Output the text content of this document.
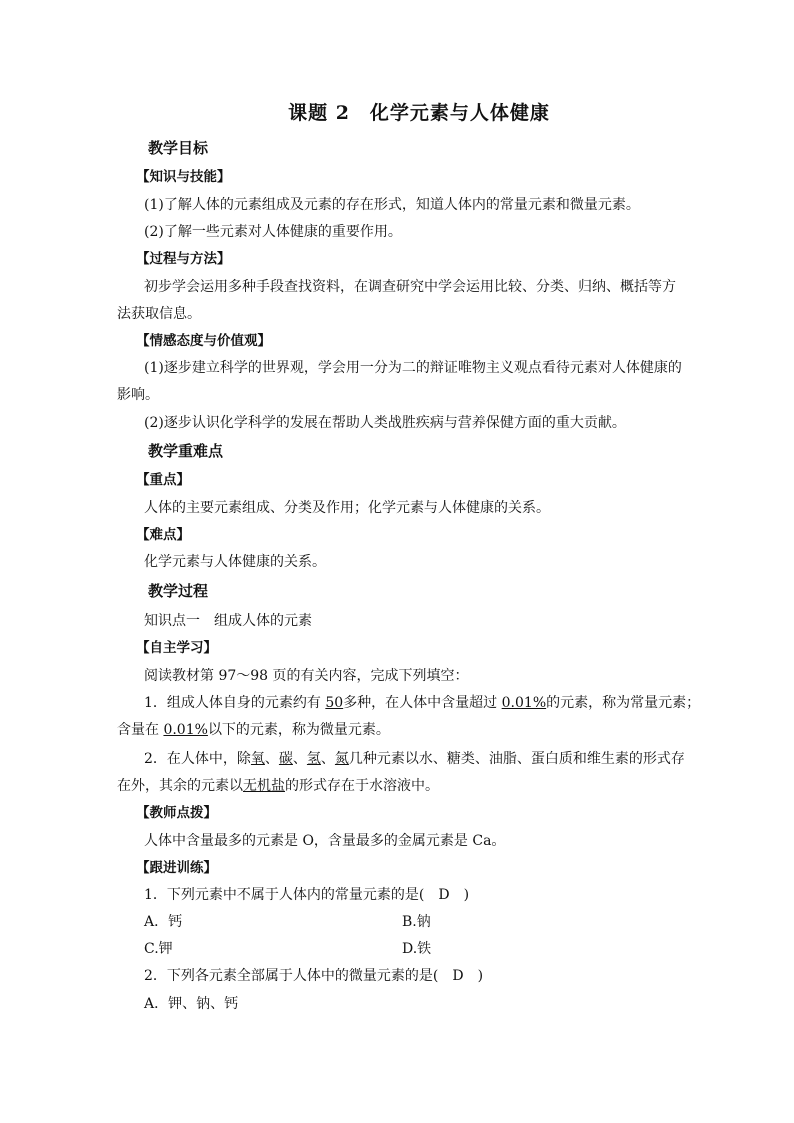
课题 2　化学元素与人体健康
教学目标
【知识与技能】
(1)了解人体的元素组成及元素的存在形式，知道人体内的常量元素和微量元素。
(2)了解一些元素对人体健康的重要作用。
【过程与方法】
初步学会运用多种手段查找资料，在调查研究中学会运用比较、分类、归纳、概括等方
法获取信息。
【情感态度与价值观】
(1)逐步建立科学的世界观，学会用一分为二的辩证唯物主义观点看待元素对人体健康的
影响。
(2)逐步认识化学科学的发展在帮助人类战胜疾病与营养保健方面的重大贡献。
教学重难点
【重点】
人体的主要元素组成、分类及作用；化学元素与人体健康的关系。
【难点】
化学元素与人体健康的关系。
教学过程
知识点一　组成人体的元素
【自主学习】
阅读教材第 97～98 页的有关内容，完成下列填空：
1．组成人体自身的元素约有 50多种，在人体中含量超过 0.01%的元素，称为常量元素；
含量在 0.01%以下的元素，称为微量元素。
2．在人体中，除氧、碳、氢、氮几种元素以水、糖类、油脂、蛋白质和维生素的形式存
在外，其余的元素以无机盐的形式存在于水溶液中。
【教师点拨】
人体中含量最多的元素是 O，含量最多的金属元素是 Ca。
【跟进训练】
1．下列元素中不属于人体内的常量元素的是(　D　)
A．钙	B.钠
C.钾	D.铁
2．下列各元素全部属于人体中的微量元素的是(　D　)
A．钾、钠、钙
